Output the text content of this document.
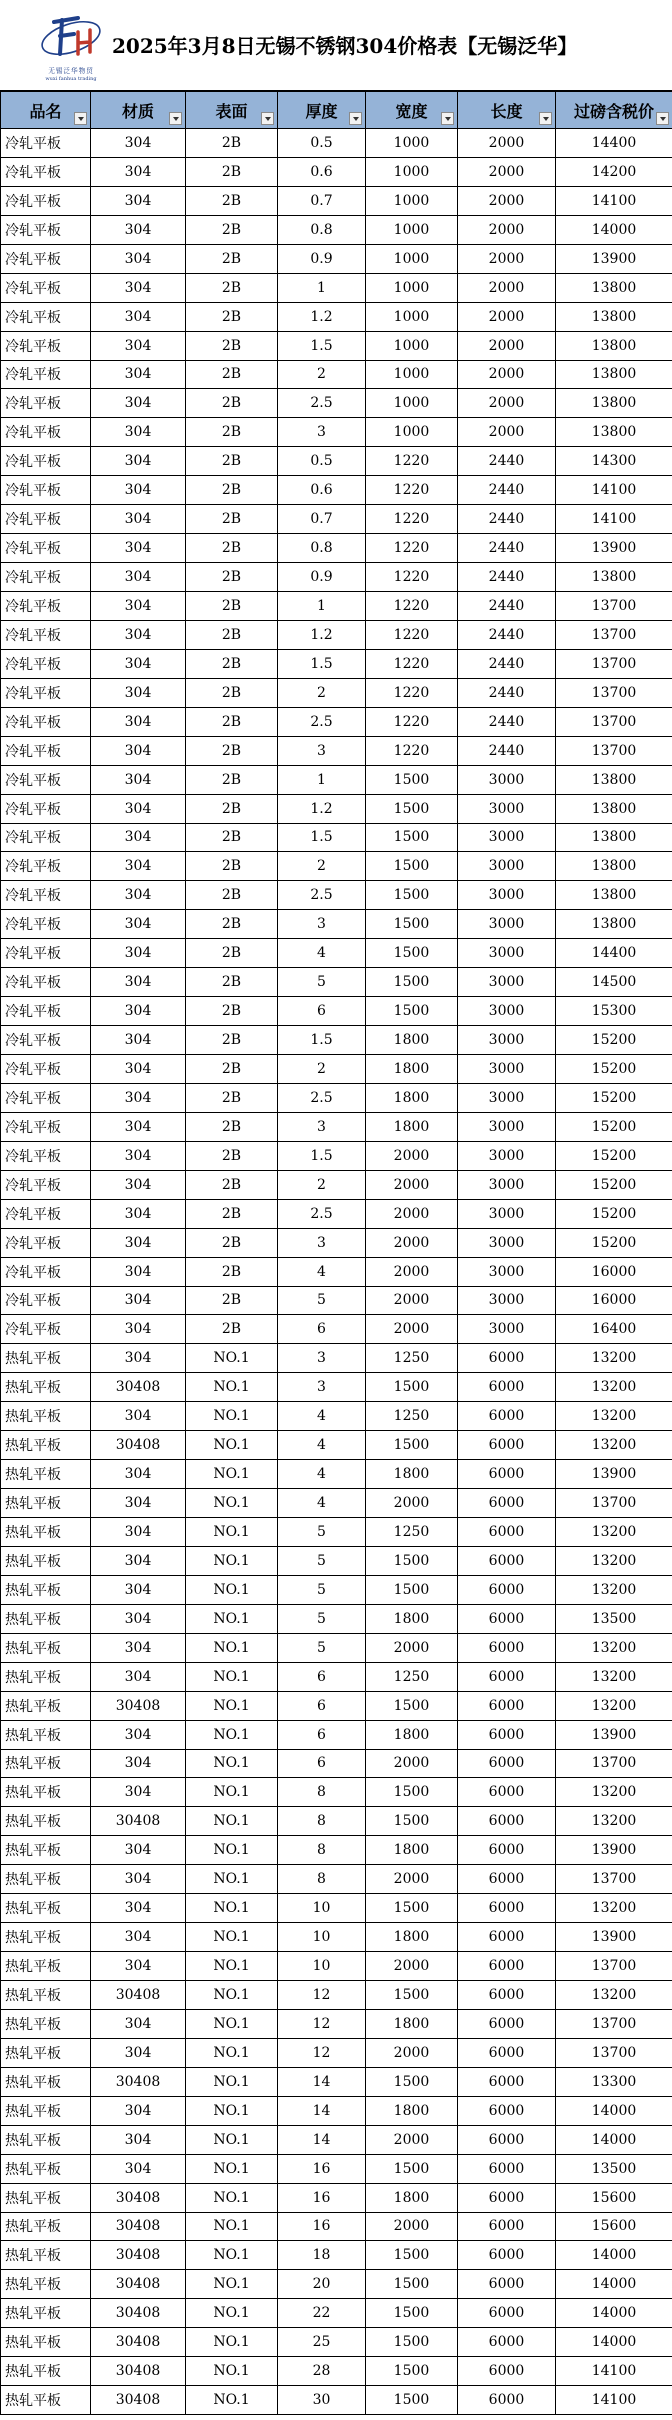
无锡泛华物贸
wuxi fanhua trading
2025年3月8日无锡不锈钢304价格表【无锡泛华】
品名	材质	表面	厚度	宽度	长度	过磅含税价

冷轧平板	304	2B	0.5	1000	2000	14400
冷轧平板	304	2B	0.6	1000	2000	14200
冷轧平板	304	2B	0.7	1000	2000	14100
冷轧平板	304	2B	0.8	1000	2000	14000
冷轧平板	304	2B	0.9	1000	2000	13900
冷轧平板	304	2B	1	1000	2000	13800
冷轧平板	304	2B	1.2	1000	2000	13800
冷轧平板	304	2B	1.5	1000	2000	13800
冷轧平板	304	2B	2	1000	2000	13800
冷轧平板	304	2B	2.5	1000	2000	13800
冷轧平板	304	2B	3	1000	2000	13800
冷轧平板	304	2B	0.5	1220	2440	14300
冷轧平板	304	2B	0.6	1220	2440	14100
冷轧平板	304	2B	0.7	1220	2440	14100
冷轧平板	304	2B	0.8	1220	2440	13900
冷轧平板	304	2B	0.9	1220	2440	13800
冷轧平板	304	2B	1	1220	2440	13700
冷轧平板	304	2B	1.2	1220	2440	13700
冷轧平板	304	2B	1.5	1220	2440	13700
冷轧平板	304	2B	2	1220	2440	13700
冷轧平板	304	2B	2.5	1220	2440	13700
冷轧平板	304	2B	3	1220	2440	13700
冷轧平板	304	2B	1	1500	3000	13800
冷轧平板	304	2B	1.2	1500	3000	13800
冷轧平板	304	2B	1.5	1500	3000	13800
冷轧平板	304	2B	2	1500	3000	13800
冷轧平板	304	2B	2.5	1500	3000	13800
冷轧平板	304	2B	3	1500	3000	13800
冷轧平板	304	2B	4	1500	3000	14400
冷轧平板	304	2B	5	1500	3000	14500
冷轧平板	304	2B	6	1500	3000	15300
冷轧平板	304	2B	1.5	1800	3000	15200
冷轧平板	304	2B	2	1800	3000	15200
冷轧平板	304	2B	2.5	1800	3000	15200
冷轧平板	304	2B	3	1800	3000	15200
冷轧平板	304	2B	1.5	2000	3000	15200
冷轧平板	304	2B	2	2000	3000	15200
冷轧平板	304	2B	2.5	2000	3000	15200
冷轧平板	304	2B	3	2000	3000	15200
冷轧平板	304	2B	4	2000	3000	16000
冷轧平板	304	2B	5	2000	3000	16000
冷轧平板	304	2B	6	2000	3000	16400
热轧平板	304	NO.1	3	1250	6000	13200
热轧平板	30408	NO.1	3	1500	6000	13200
热轧平板	304	NO.1	4	1250	6000	13200
热轧平板	30408	NO.1	4	1500	6000	13200
热轧平板	304	NO.1	4	1800	6000	13900
热轧平板	304	NO.1	4	2000	6000	13700
热轧平板	304	NO.1	5	1250	6000	13200
热轧平板	304	NO.1	5	1500	6000	13200
热轧平板	304	NO.1	5	1500	6000	13200
热轧平板	304	NO.1	5	1800	6000	13500
热轧平板	304	NO.1	5	2000	6000	13200
热轧平板	304	NO.1	6	1250	6000	13200
热轧平板	30408	NO.1	6	1500	6000	13200
热轧平板	304	NO.1	6	1800	6000	13900
热轧平板	304	NO.1	6	2000	6000	13700
热轧平板	304	NO.1	8	1500	6000	13200
热轧平板	30408	NO.1	8	1500	6000	13200
热轧平板	304	NO.1	8	1800	6000	13900
热轧平板	304	NO.1	8	2000	6000	13700
热轧平板	304	NO.1	10	1500	6000	13200
热轧平板	304	NO.1	10	1800	6000	13900
热轧平板	304	NO.1	10	2000	6000	13700
热轧平板	30408	NO.1	12	1500	6000	13200
热轧平板	304	NO.1	12	1800	6000	13700
热轧平板	304	NO.1	12	2000	6000	13700
热轧平板	30408	NO.1	14	1500	6000	13300
热轧平板	304	NO.1	14	1800	6000	14000
热轧平板	304	NO.1	14	2000	6000	14000
热轧平板	304	NO.1	16	1500	6000	13500
热轧平板	30408	NO.1	16	1800	6000	15600
热轧平板	30408	NO.1	16	2000	6000	15600
热轧平板	30408	NO.1	18	1500	6000	14000
热轧平板	30408	NO.1	20	1500	6000	14000
热轧平板	30408	NO.1	22	1500	6000	14000
热轧平板	30408	NO.1	25	1500	6000	14000
热轧平板	30408	NO.1	28	1500	6000	14100
热轧平板	30408	NO.1	30	1500	6000	14100
